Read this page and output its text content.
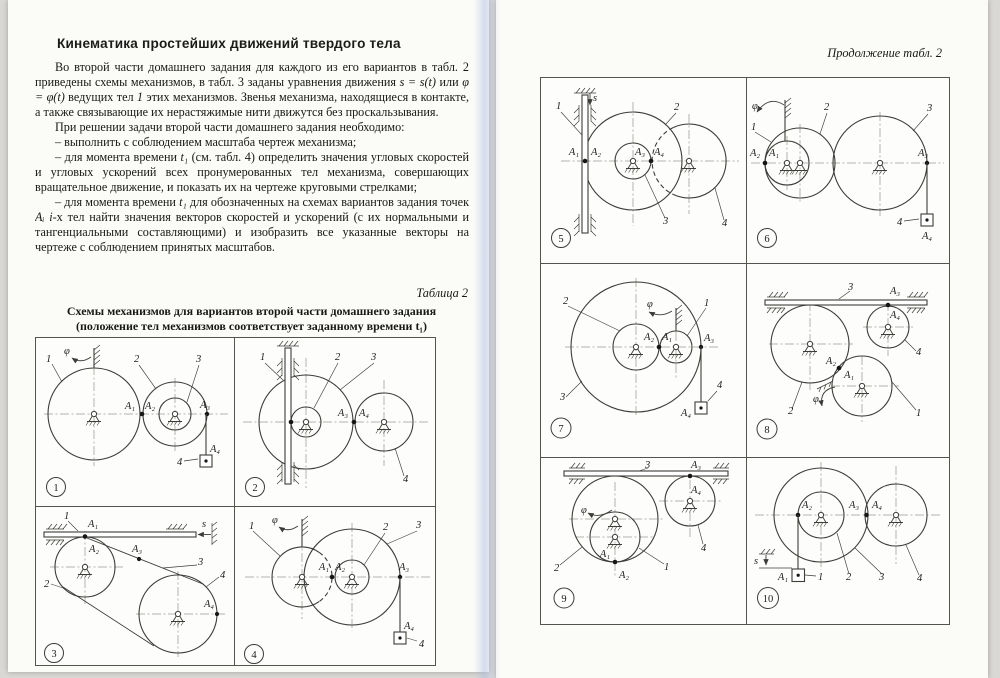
Кинематика простейших движений твердого тела

Во второй части домашнего задания для каждого из его вариантов в табл. 2 приведены схемы механизмов, в табл. 3 заданы уравнения движения s = s(t) или φ = φ(t) ведущих тел 1 этих механизмов. Звенья механизма, находящиеся в контакте, а также связывающие их нерастяжимые нити движутся без проскальзывания.

При решении задачи второй части домашнего задания необходимо:

– выполнить с соблюдением масштаба чертеж механизма;

– для момента времени t₁ (см. табл. 4) определить значения угловых скоростей и угловых ускорений всех пронумерованных тел механизма, совершающих вращательное движение, и показать их на чертеже круговыми стрелками;

– для момента времени t₁ для обозначенных на схемах вариантов задания точек Aᵢ i-х тел найти значения векторов скоростей и ускорений (с их нормальными и тангенциальными составляющими) и изобразить все указанные векторы на чертеже с соблюдением принятых масштабов.

Таблица 2
Схемы механизмов для вариантов второй части домашнего задания
(положение тел механизмов соответствует заданному времени t₁)
φ
1	2	3
4
A₁ A₂	A₃
A₄
1

1	2	3
4
A₃ A₄
2

s
1
2
3
4
A₁
A₂	A₃
A₄
3

φ
1	2	3
4
A₁ A₂	A₃
A₄
4
Продолжение табл. 2
s
1	2
3	4
A₁ A₂	A₃ A₄
5

φ
1
2	3
4
A₂ A₁	A₃
A₄
6

φ
2
3
1
4
A₂ A₁	A₃
A₄
7

φ
3
2	1
4
A₃
A₄
A₂
A₁
8

φ
3
2	1
4
A₁
A₂
A₃
A₄
9

s
1 2	3	4
A₁
A₂	A₃ A₄
10
